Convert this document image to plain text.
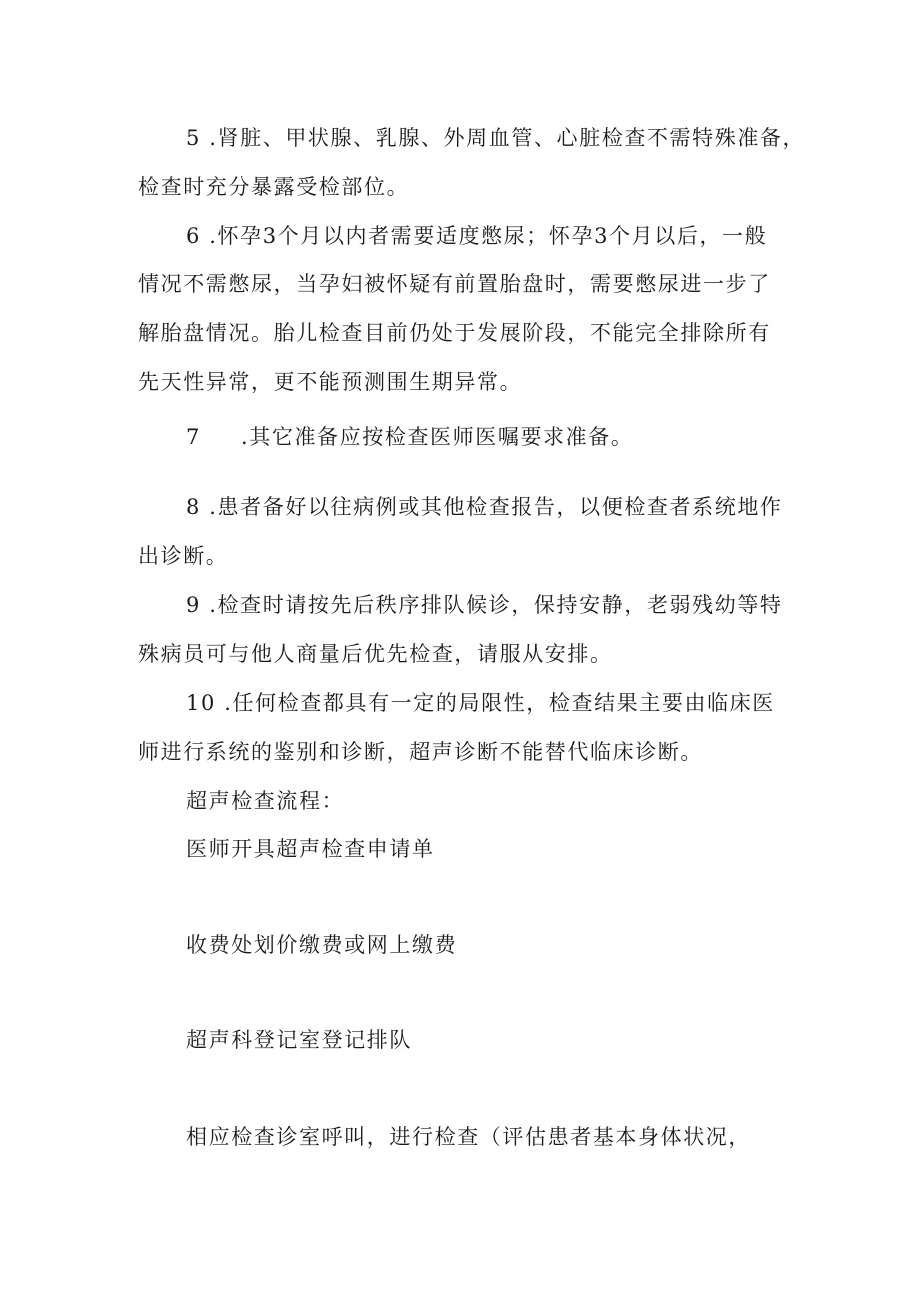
5 .肾脏、甲状腺、乳腺、外周血管、心脏检查不需特殊准备，
检查时充分暴露受检部位。
6 .怀孕3个月以内者需要适度憋尿；怀孕3个月以后，一般
情况不需憋尿，当孕妇被怀疑有前置胎盘时，需要憋尿进一步了
解胎盘情况。胎儿检查目前仍处于发展阶段，不能完全排除所有
先天性异常，更不能预测围生期异常。
7 .其它准备应按检查医师医嘱要求准备。
8 .患者备好以往病例或其他检查报告，以便检查者系统地作
出诊断。
9 .检查时请按先后秩序排队候诊，保持安静，老弱残幼等特
殊病员可与他人商量后优先检查，请服从安排。
10 .任何检查都具有一定的局限性，检查结果主要由临床医
师进行系统的鉴别和诊断，超声诊断不能替代临床诊断。
超声检查流程：
医师开具超声检查申请单
收费处划价缴费或网上缴费
超声科登记室登记排队
相应检查诊室呼叫，进行检查（评估患者基本身体状况，
